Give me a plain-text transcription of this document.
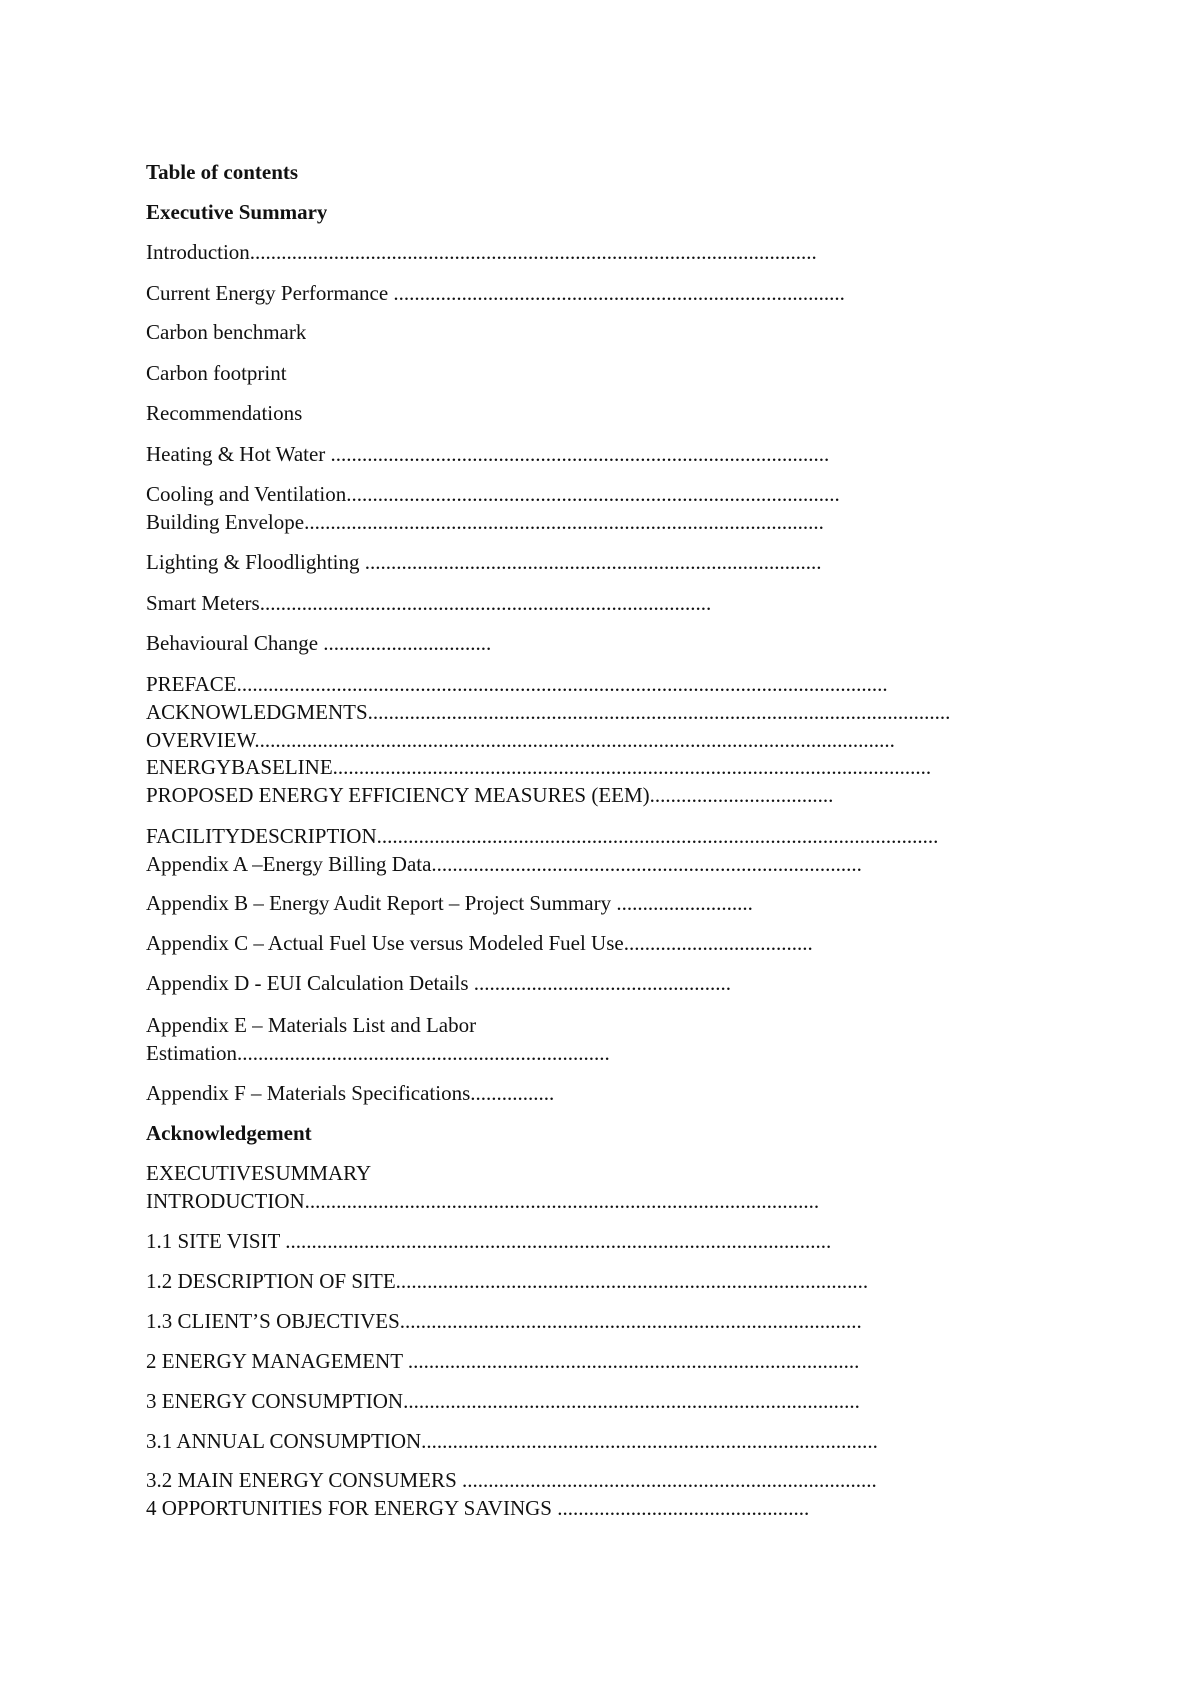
Table of contents
Executive Summary
Introduction............................................................................................................
Current Energy Performance ......................................................................................
Carbon benchmark
Carbon footprint
Recommendations
Heating & Hot Water ...............................................................................................
Cooling and Ventilation..............................................................................................
Building Envelope...................................................................................................
Lighting & Floodlighting .......................................................................................
Smart Meters......................................................................................
Behavioural Change ................................
PREFACE............................................................................................................................
ACKNOWLEDGMENTS...............................................................................................................
OVERVIEW..........................................................................................................................
ENERGYBASELINE..................................................................................................................
PROPOSED ENERGY EFFICIENCY MEASURES (EEM)...................................
FACILITYDESCRIPTION...........................................................................................................
Appendix A –Energy Billing Data..................................................................................
Appendix B – Energy Audit Report – Project Summary ..........................
Appendix C – Actual Fuel Use versus Modeled Fuel Use....................................
Appendix D - EUI Calculation Details .................................................
Appendix E – Materials List and Labor
Estimation.......................................................................
Appendix F – Materials Specifications................
Acknowledgement
EXECUTIVESUMMARY
INTRODUCTION..................................................................................................
1.1 SITE VISIT ........................................................................................................
1.2 DESCRIPTION OF SITE..........................................................................................
1.3 CLIENT’S OBJECTIVES........................................................................................
2 ENERGY MANAGEMENT ......................................................................................
3 ENERGY CONSUMPTION.......................................................................................
3.1 ANNUAL CONSUMPTION.......................................................................................
3.2 MAIN ENERGY CONSUMERS ...............................................................................
4 OPPORTUNITIES FOR ENERGY SAVINGS ................................................
